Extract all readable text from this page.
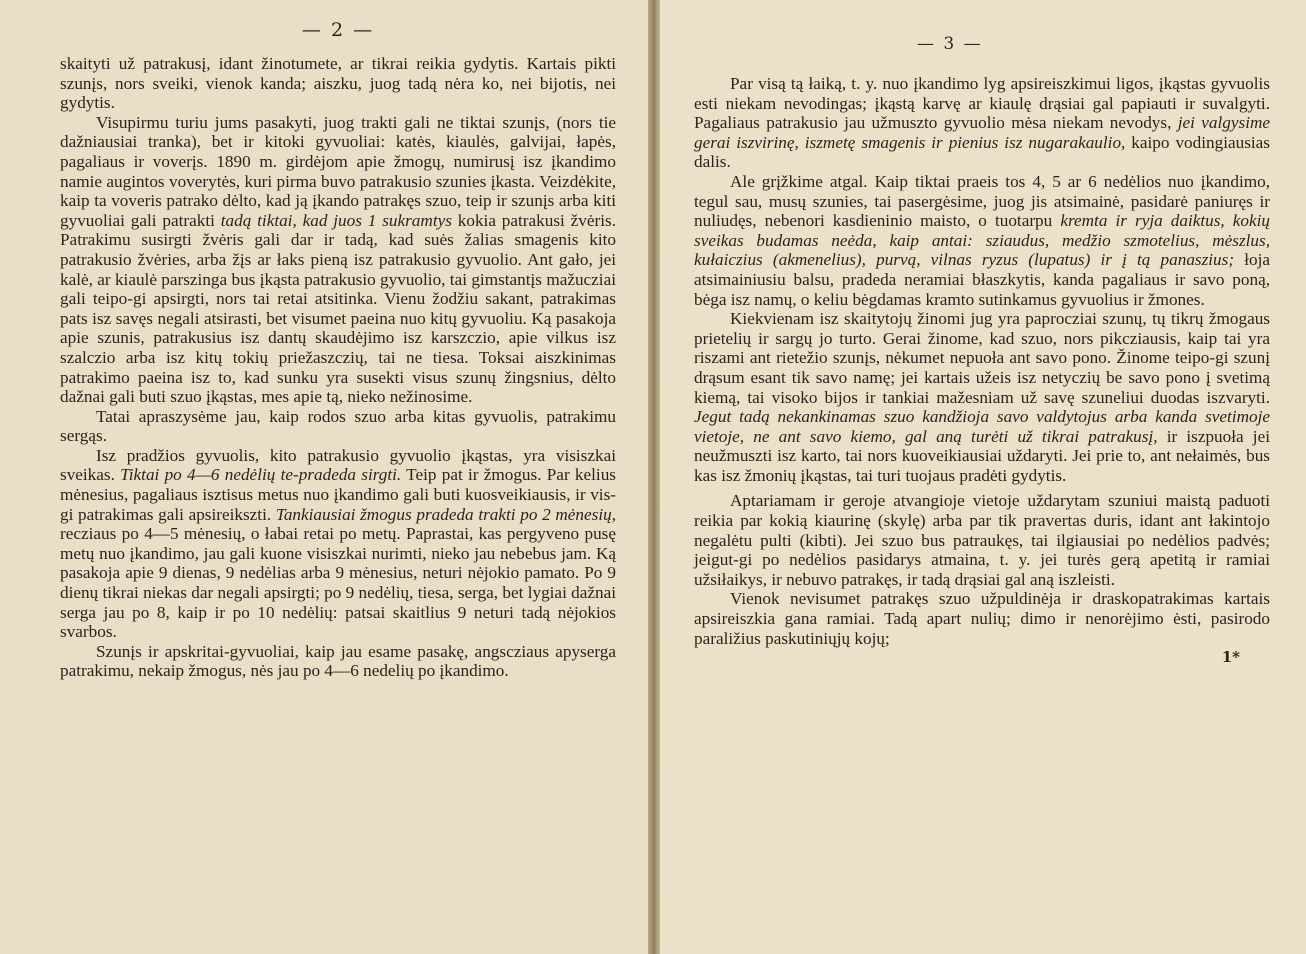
— 2 —

skaityti už patrakusį, idant žinotumete, ar tikrai reikia gydytis. Kartais pikti szunįs, nors sveiki, vienok kanda; aiszku, juog tadą nėra ko, nei bijotis, nei gydytis.

Visupirmu turiu jums pasakyti, juog trakti gali ne tiktai szunįs, (nors tie dažniausiai tranka), bet ir kitoki gyvuoliai: katės, kiaulės, galvijai, łapės, pagaliaus ir voverįs. 1890 m. girdėjom apie žmogų, numirusį isz įkandimo namie augintos voverytės, kuri pirma buvo patrakusio szunies įkasta. Veizdėkite, kaip ta voveris patrako dėlto, kad ją įkando patrakęs szuo, teip ir szunįs arba kiti gyvuoliai gali patrakti tadą tiktai, kad juos 1 sukramtys kokia patrakusi žvėris. Patrakimu susirgti žvėris gali dar ir tadą, kad suės žalias smagenis kito patrakusio žvėries, arba žįs ar łaks pieną isz patrakusio gyvuolio. Ant gało, jei kalė, ar kiaulė parszinga bus įkąsta patrakusio gyvuolio, tai gimstantįs mažucziai gali teipo-gi apsirgti, nors tai retai atsitinka. Vienu žodžiu sakant, patrakimas pats isz savęs negali atsirasti, bet visumet paeina nuo kitų gyvuoliu. Ką pasakoja apie szunis, patrakusius isz dantų skaudėjimo isz karszczio, apie vilkus isz szalczio arba isz kitų tokių priežaszczių, tai ne tiesa. Toksai aiszkinimas patrakimo paeina isz to, kad sunku yra susekti visus szunų žingsnius, dėlto dažnai gali buti szuo įkąstas, mes apie tą, nieko nežinosime.

Tatai apraszysėme jau, kaip rodos szuo arba kitas gyvuolis, patrakimu sergąs.

Isz pradžios gyvuolis, kito patrakusio gyvuolio įkąstas, yra visiszkai sveikas. Tiktai po 4—6 nedėlių te-pradeda sirgti. Teip pat ir žmogus. Par kelius mėnesius, pagaliaus isztisus metus nuo įkandimo gali buti kuosveikiausis, ir vis-gi patrakimas gali apsireikszti. Tankiausiai žmogus pradeda trakti po 2 mėnesių, recziaus po 4—5 mėnesių, o łabai retai po metų. Paprastai, kas pergyveno pusę metų nuo įkandimo, jau gali kuone visiszkai nurimti, nieko jau nebebus jam. Ką pasakoja apie 9 dienas, 9 nedėlias arba 9 mėnesius, neturi nėjokio pamato. Po 9 dienų tikrai niekas dar negali apsirgti; po 9 nedėlių, tiesa, serga, bet lygiai dažnai serga jau po 8, kaip ir po 10 nedėlių: patsai skaitlius 9 neturi tadą nėjokios svarbos.

Szunįs ir apskritai-gyvuoliai, kaip jau esame pasakę, angscziaus apyserga patrakimu, nekaip žmogus, nės jau po 4—6 nedelių po įkandimo.

— 3 —

Par visą tą łaiką, t. y. nuo įkandimo lyg apsireiszkimui ligos, įkąstas gyvuolis esti niekam nevodingas; įkąstą karvę ar kiaulę drąsiai gal papiauti ir suvalgyti. Pagaliaus patrakusio jau užmuszto gyvuolio mėsa niekam nevodys, jei valgysime gerai iszvirinę, iszmetę smagenis ir pienius isz nugarakaulio, kaipo vodingiausias dalis.

Ale grįžkime atgal. Kaip tiktai praeis tos 4, 5 ar 6 nedėlios nuo įkandimo, tegul sau, musų szunies, tai pasergėsime, juog jis atsimainė, pasidarė paniuręs ir nuliudęs, nebenori kasdieninio maisto, o tuotarpu kremta ir ryja daiktus, kokių sveikas budamas neėda, kaip antai: sziaudus, medžio szmotelius, mėszlus, kułaiczius (akmenelius), purvą, vilnas ryzus (lupatus) ir į tą panaszius; łoja atsimainiusiu balsu, pradeda neramiai błaszkytis, kanda pagaliaus ir savo poną, bėga isz namų, o keliu bėgdamas kramto sutinkamus gyvuolius ir žmones.

Kiekvienam isz skaitytojų žinomi jug yra paprocziai szunų, tų tikrų žmogaus prietelių ir sargų jo turto. Gerai žinome, kad szuo, nors pikcziausis, kaip tai yra riszami ant rietežio szunįs, nėkumet nepuoła ant savo pono. Žinome teipo-gi szunį drąsum esant tik savo namę; jei kartais užeis isz netyczių be savo pono į svetimą kiemą, tai visoko bijos ir tankiai mažesniam už savę szuneliui duodas iszvaryti. Jegut tadą nekankinamas szuo kandžioja savo valdytojus arba kanda svetimoje vietoje, ne ant savo kiemo, gal aną turėti už tikrai patrakusį, ir iszpuoła jei neužmuszti isz karto, tai nors kuoveikiausiai uždaryti. Jei prie to, ant nełaimės, bus kas isz žmonių įkąstas, tai turi tuojaus pradėti gydytis.

Aptariamam ir geroje atvangioje vietoje uždarytam szuniui maistą paduoti reikia par kokią kiaurinę (skylę) arba par tik pravertas duris, idant ant łakintojo negalėtu pulti (kibti). Jei szuo bus patraukęs, tai ilgiausiai po nedėlios padvės; jeigut-gi po nedėlios pasidarys atmaina, t. y. jei turės gerą apetitą ir ramiai užsiłaikys, ir nebuvo patrakęs, ir tadą drąsiai gal aną iszleisti.

Vienok nevisumet patrakęs szuo užpuldinėja ir draskopatrakimas kartais apsireiszkia gana ramiai. Tadą apart nulių; dimo ir nenorėjimo ėsti, pasirodo paraližius paskutiniųjų kojų;

1*
